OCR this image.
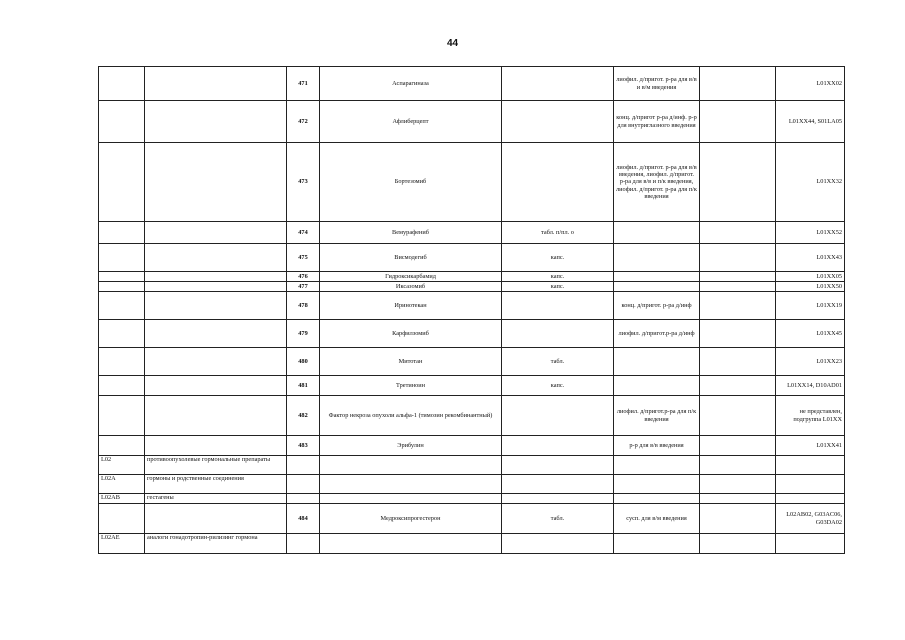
44
		471	Аспарагиназа		лиофил. д/пригот. р-ра для в/в и в/м введения		L01XX02
		472	Афлиберцепт		конц. д/пригот р-ра д/инф. р-р для внутриглазного введения		L01XX44, S01LA05
		473	Бортезомиб		лиофил. д/пригот. р-ра для в/в введения, лиофил. д/пригот. р-ра для в/в и п/к введения, лиофил. д/пригот. р-ра для п/к введения		L01XX32
		474	Вемурафениб	табл. п/пл. о			L01XX52
		475	Висмодегиб	капс.			L01XX43
		476	Гидроксикарбамид	капс.			L01XX05
		477	Иксазомиб	капс.			L01XX50
		478	Иринотекан		конц. д/пригот. р-ра д/инф		L01XX19
		479	Карфилзомиб		лиофил. д/пригот.р-ра д/инф		L01XX45
		480	Митотан	табл.			L01XX23
		481	Третиноин	капс.			L01XX14, D10AD01
		482	Фактор некроза опухоли альфа-1 (тимозин рекомбинантный)		лиофил. д/пригот.р-ра для п/к введения		не представлен, подгруппа L01XX
		483	Эрибулин		р-р для в/в введения		L01XX41
L02	противоопухолевые гормональные препараты						
L02A	гормоны и родственные соединения						
L02AB	гестагены						
		484	Медроксипрогестерон	табл.	сусп. для в/м введения		L02AB02, G03AC06, G03DA02
L02AE	аналоги гонадотропин-рилизинг гормона						
